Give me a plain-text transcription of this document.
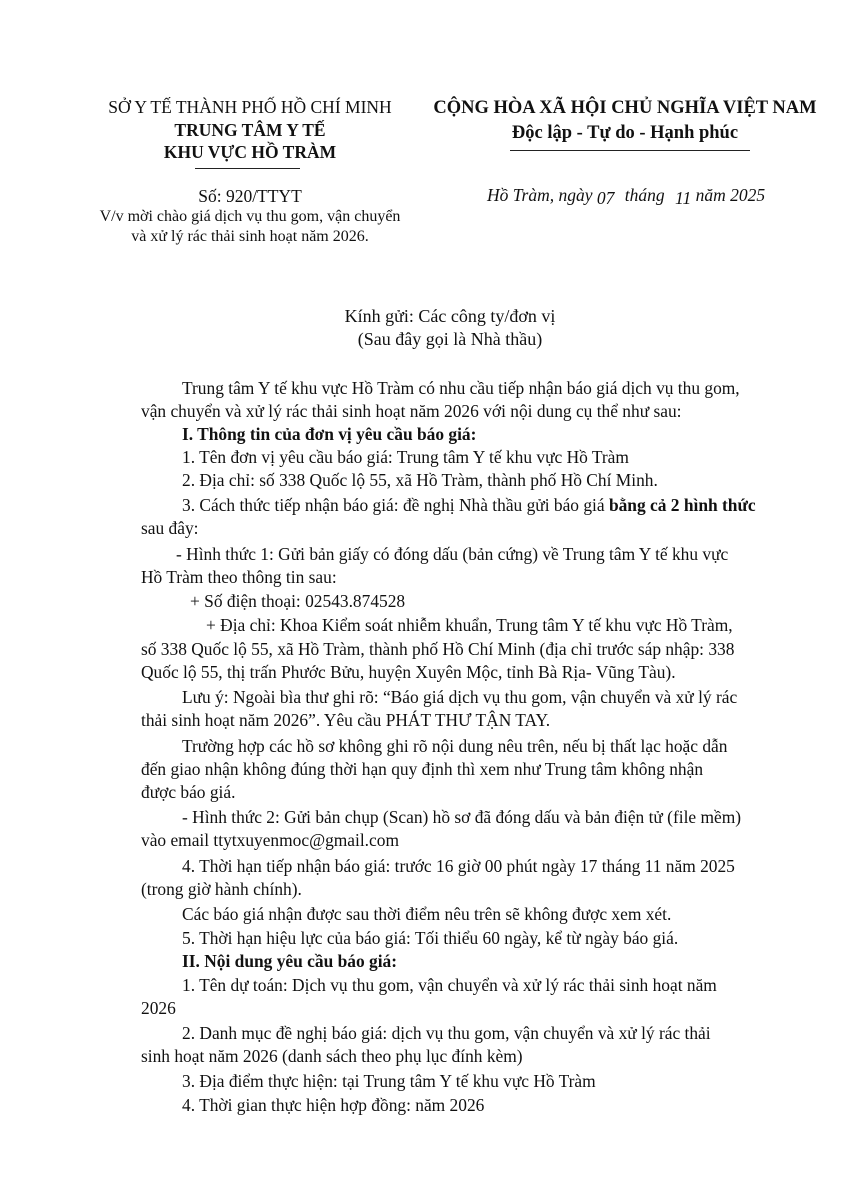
SỞ Y TẾ THÀNH PHỐ HỒ CHÍ MINH
TRUNG TÂM Y TẾ
KHU VỰC HỒ TRÀM
Số: 920/TTYT
V/v mời chào giá dịch vụ thu gom, vận chuyển
và xử lý rác thải sinh hoạt năm 2026.
CỘNG HÒA XÃ HỘI CHỦ NGHĨA VIỆT NAM
Độc lập - Tự do - Hạnh phúc
Hồ Tràm, ngày 07 tháng 11 năm 2025
Kính gửi: Các công ty/đơn vị
(Sau đây gọi là Nhà thầu)
Trung tâm Y tế khu vực Hồ Tràm có nhu cầu tiếp nhận báo giá dịch vụ thu gom,
vận chuyển và xử lý rác thải sinh hoạt năm 2026 với nội dung cụ thể như sau:
I. Thông tin của đơn vị yêu cầu báo giá:
1. Tên đơn vị yêu cầu báo giá: Trung tâm Y tế khu vực Hồ Tràm
2. Địa chỉ: số 338 Quốc lộ 55, xã Hồ Tràm, thành phố Hồ Chí Minh.
3. Cách thức tiếp nhận báo giá: đề nghị Nhà thầu gửi báo giá bằng cả 2 hình thức
sau đây:
- Hình thức 1: Gửi bản giấy có đóng dấu (bản cứng) về Trung tâm Y tế khu vực
Hồ Tràm theo thông tin sau:
+ Số điện thoại: 02543.874528
+ Địa chỉ: Khoa Kiểm soát nhiễm khuẩn, Trung tâm Y tế khu vực Hồ Tràm,
số 338 Quốc lộ 55, xã Hồ Tràm, thành phố Hồ Chí Minh (địa chỉ trước sáp nhập: 338
Quốc lộ 55, thị trấn Phước Bửu, huyện Xuyên Mộc, tỉnh Bà Rịa- Vũng Tàu).
Lưu ý: Ngoài bìa thư ghi rõ: “Báo giá dịch vụ thu gom, vận chuyển và xử lý rác
thải sinh hoạt năm 2026”. Yêu cầu PHÁT THƯ TẬN TAY.
Trường hợp các hồ sơ không ghi rõ nội dung nêu trên, nếu bị thất lạc hoặc dẫn
đến giao nhận không đúng thời hạn quy định thì xem như Trung tâm không nhận
được báo giá.
- Hình thức 2: Gửi bản chụp (Scan) hồ sơ đã đóng dấu và bản điện tử (file mềm)
vào email ttytxuyenmoc@gmail.com
4. Thời hạn tiếp nhận báo giá: trước 16 giờ 00 phút ngày 17 tháng 11 năm 2025
(trong giờ hành chính).
Các báo giá nhận được sau thời điểm nêu trên sẽ không được xem xét.
5. Thời hạn hiệu lực của báo giá: Tối thiểu 60 ngày, kể từ ngày báo giá.
II. Nội dung yêu cầu báo giá:
1. Tên dự toán: Dịch vụ thu gom, vận chuyển và xử lý rác thải sinh hoạt năm
2026
2. Danh mục đề nghị báo giá: dịch vụ thu gom, vận chuyển và xử lý rác thải
sinh hoạt năm 2026 (danh sách theo phụ lục đính kèm)
3. Địa điểm thực hiện: tại Trung tâm Y tế khu vực Hồ Tràm
4. Thời gian thực hiện hợp đồng: năm 2026
